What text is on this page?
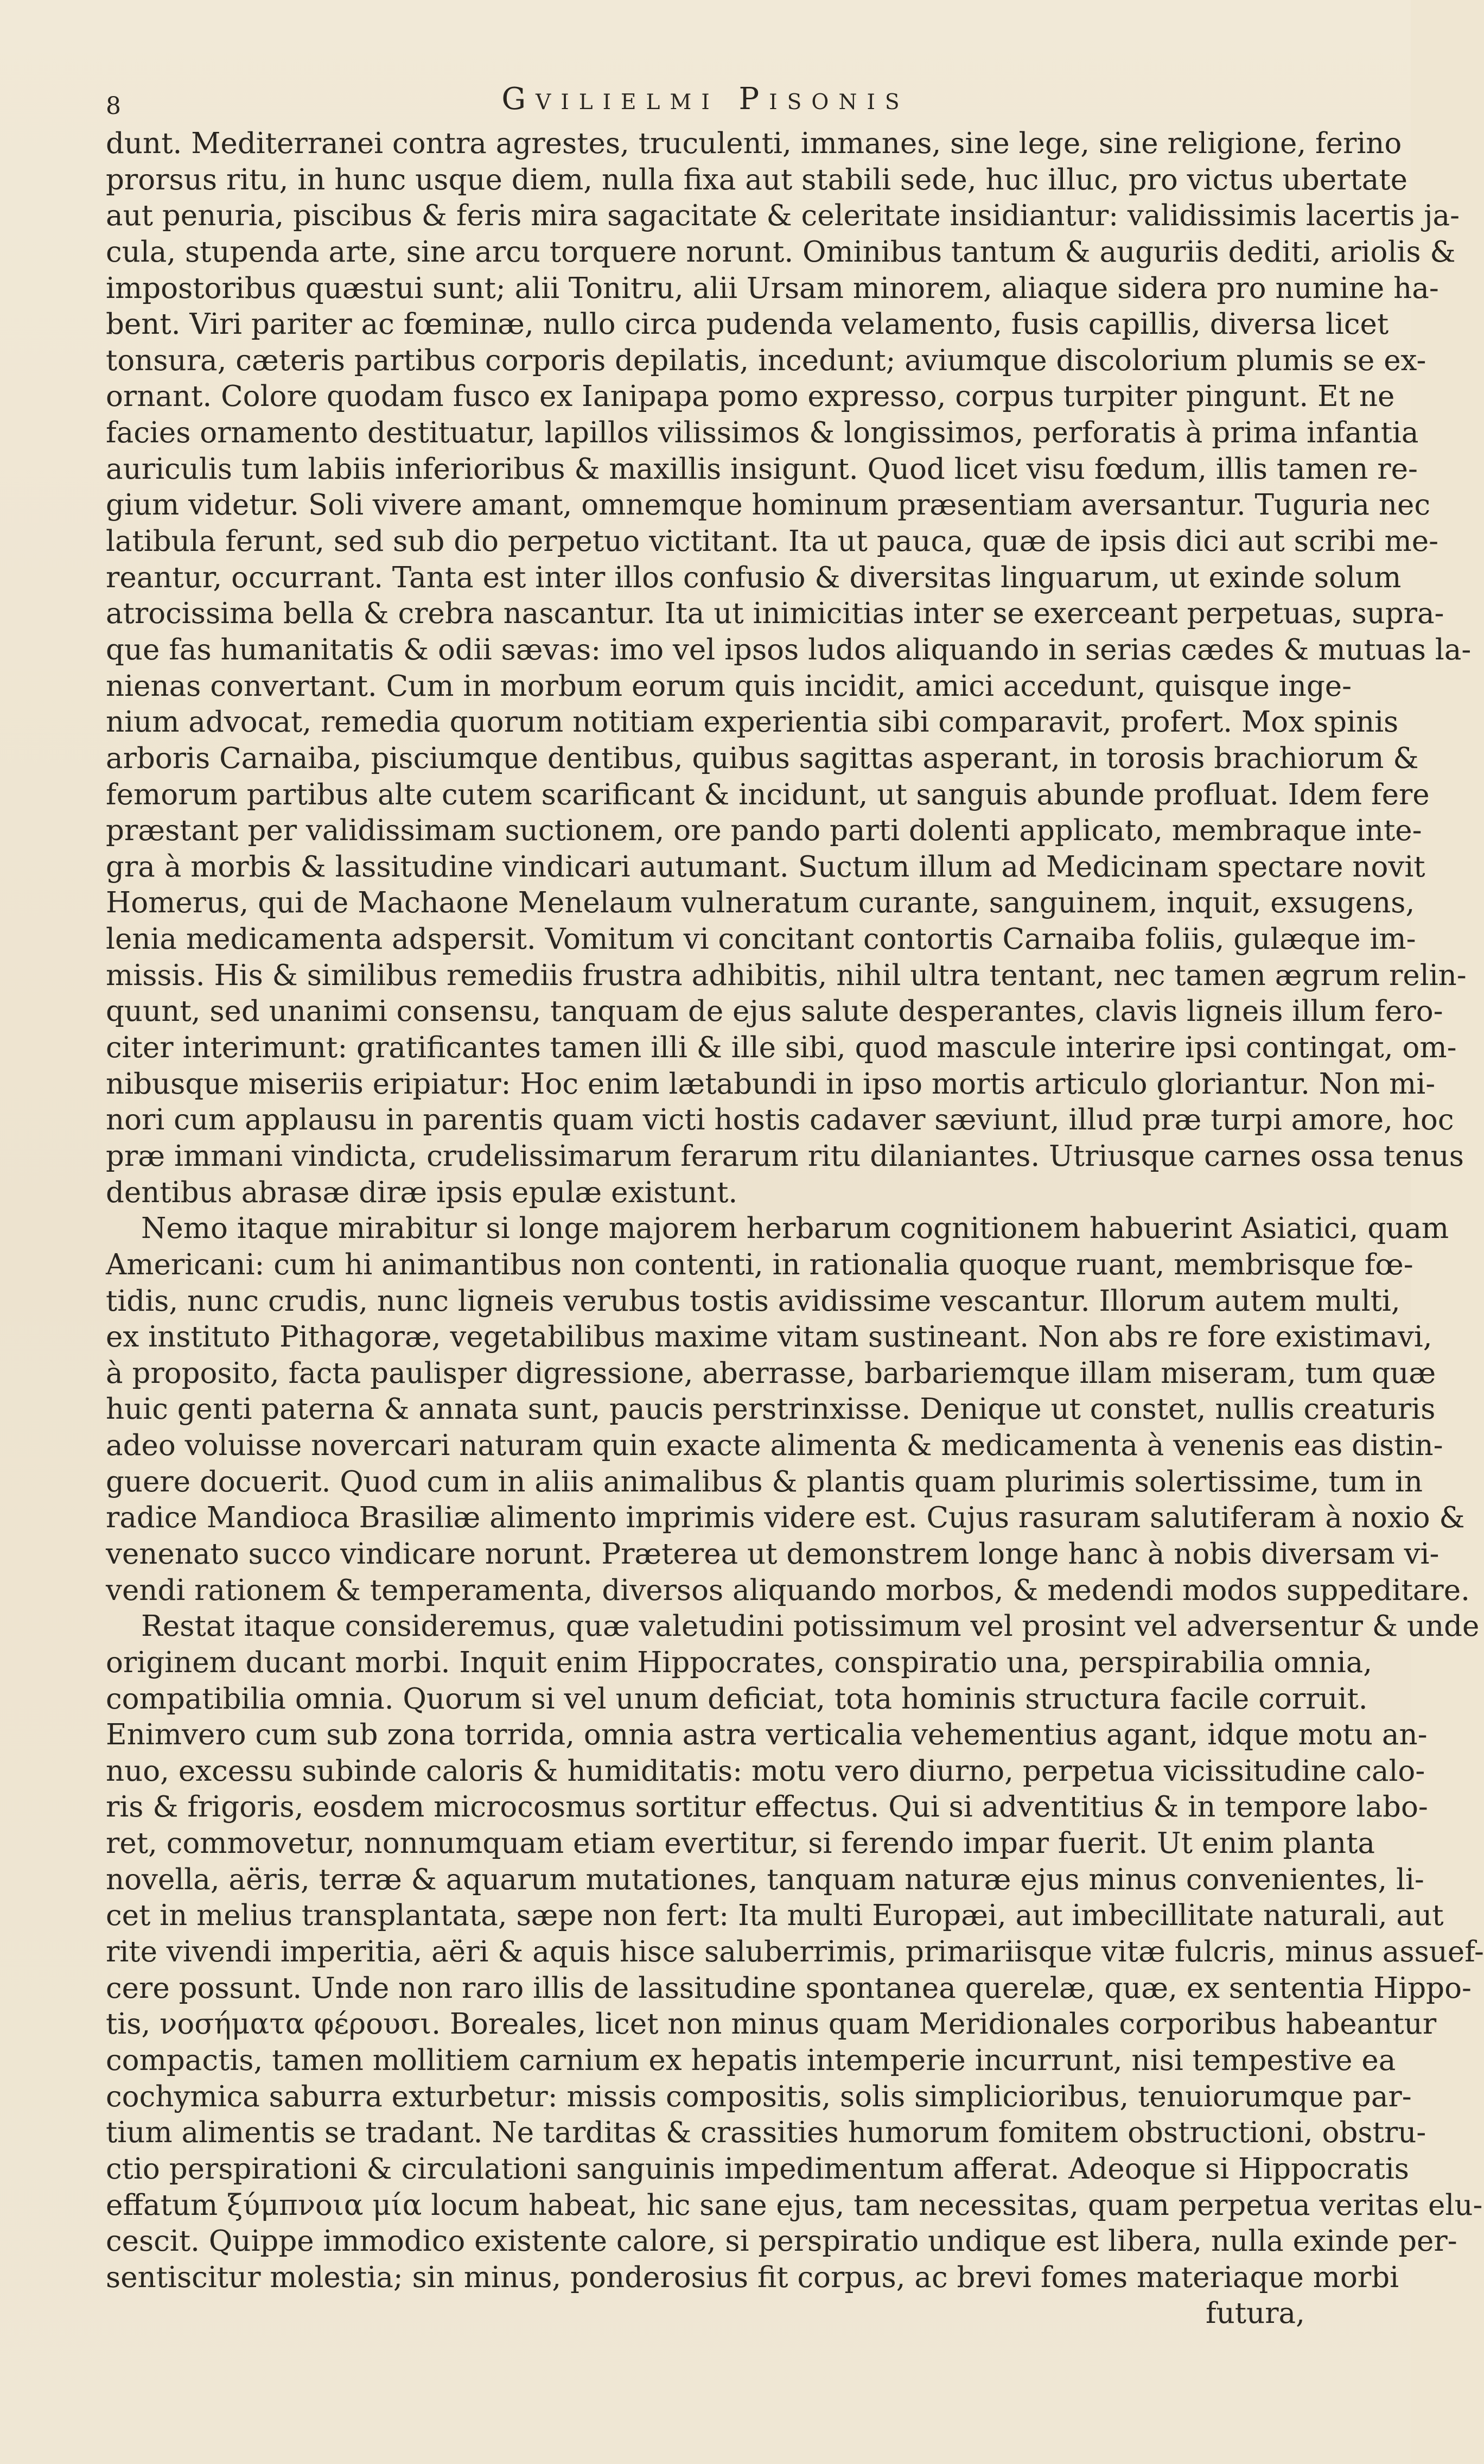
8	Gvilielmi Pisonis
dunt. Mediterranei contra agrestes, truculenti, immanes, sine lege, sine religione, ferino
prorsus ritu, in hunc usque diem, nulla fixa aut stabili sede, huc illuc, pro victus ubertate
aut penuria, piscibus & feris mira sagacitate & celeritate insidiantur: validissimis lacertis ja-
cula, stupenda arte, sine arcu torquere norunt. Ominibus tantum & auguriis dediti, ariolis &
impostoribus quæstui sunt; alii Tonitru, alii Ursam minorem, aliaque sidera pro numine ha-
bent. Viri pariter ac fœminæ, nullo circa pudenda velamento, fusis capillis, diversa licet
tonsura, cæteris partibus corporis depilatis, incedunt; aviumque discolorium plumis se ex-
ornant. Colore quodam fusco ex Ianipapa pomo expresso, corpus turpiter pingunt. Et ne
facies ornamento destituatur, lapillos vilissimos & longissimos, perforatis à prima infantia
auriculis tum labiis inferioribus & maxillis insigunt. Quod licet visu fœdum, illis tamen re-
gium videtur. Soli vivere amant, omnemque hominum præsentiam aversantur. Tuguria nec
latibula ferunt, sed sub dio perpetuo victitant. Ita ut pauca, quæ de ipsis dici aut scribi me-
reantur, occurrant. Tanta est inter illos confusio & diversitas linguarum, ut exinde solum
atrocissima bella & crebra nascantur. Ita ut inimicitias inter se exerceant perpetuas, supra-
que fas humanitatis & odii sævas: imo vel ipsos ludos aliquando in serias cædes & mutuas la-
nienas convertant. Cum in morbum eorum quis incidit, amici accedunt, quisque inge-
nium advocat, remedia quorum notitiam experientia sibi comparavit, profert. Mox spinis
arboris Carnaiba, pisciumque dentibus, quibus sagittas asperant, in torosis brachiorum &
femorum partibus alte cutem scarificant & incidunt, ut sanguis abunde profluat. Idem fere
præstant per validissimam suctionem, ore pando parti dolenti applicato, membraque inte-
gra à morbis & lassitudine vindicari autumant. Suctum illum ad Medicinam spectare novit
Homerus, qui de Machaone Menelaum vulneratum curante, sanguinem, inquit, exsugens,
lenia medicamenta adspersit. Vomitum vi concitant contortis Carnaiba foliis, gulæque im-
missis. His & similibus remediis frustra adhibitis, nihil ultra tentant, nec tamen ægrum relin-
quunt, sed unanimi consensu, tanquam de ejus salute desperantes, clavis ligneis illum fero-
citer interimunt: gratificantes tamen illi & ille sibi, quod mascule interire ipsi contingat, om-
nibusque miseriis eripiatur: Hoc enim lætabundi in ipso mortis articulo gloriantur. Non mi-
nori cum applausu in parentis quam victi hostis cadaver sæviunt, illud præ turpi amore, hoc
præ immani vindicta, crudelissimarum ferarum ritu dilaniantes. Utriusque carnes ossa tenus
dentibus abrasæ diræ ipsis epulæ existunt.
Nemo itaque mirabitur si longe majorem herbarum cognitionem habuerint Asiatici, quam
Americani: cum hi animantibus non contenti, in rationalia quoque ruant, membrisque fœ-
tidis, nunc crudis, nunc ligneis verubus tostis avidissime vescantur. Illorum autem multi,
ex instituto Pithagoræ, vegetabilibus maxime vitam sustineant. Non abs re fore existimavi,
à proposito, facta paulisper digressione, aberrasse, barbariemque illam miseram, tum quæ
huic genti paterna & annata sunt, paucis perstrinxisse. Denique ut constet, nullis creaturis
adeo voluisse novercari naturam quin exacte alimenta & medicamenta à venenis eas distin-
guere docuerit. Quod cum in aliis animalibus & plantis quam plurimis solertissime, tum in
radice Mandioca Brasiliæ alimento imprimis videre est. Cujus rasuram salutiferam à noxio &
venenato succo vindicare norunt. Præterea ut demonstrem longe hanc à nobis diversam vi-
vendi rationem & temperamenta, diversos aliquando morbos, & medendi modos suppeditare.
Restat itaque consideremus, quæ valetudini potissimum vel prosint vel adversentur & unde
originem ducant morbi. Inquit enim Hippocrates, conspiratio una, perspirabilia omnia,
compatibilia omnia. Quorum si vel unum deficiat, tota hominis structura facile corruit.
Enimvero cum sub zona torrida, omnia astra verticalia vehementius agant, idque motu an-
nuo, excessu subinde caloris & humiditatis: motu vero diurno, perpetua vicissitudine calo-
ris & frigoris, eosdem microcosmus sortitur effectus. Qui si adventitius & in tempore labo-
ret, commovetur, nonnumquam etiam evertitur, si ferendo impar fuerit. Ut enim planta
novella, aëris, terræ & aquarum mutationes, tanquam naturæ ejus minus convenientes, li-
cet in melius transplantata, sæpe non fert: Ita multi Europæi, aut imbecillitate naturali, aut
rite vivendi imperitia, aëri & aquis hisce saluberrimis, primariisque vitæ fulcris, minus assuef-
cere possunt. Unde non raro illis de lassitudine spontanea querelæ, quæ, ex sententia Hippo-
tis, νοσήματα φέρουσι. Boreales, licet non minus quam Meridionales corporibus habeantur
compactis, tamen mollitiem carnium ex hepatis intemperie incurrunt, nisi tempestive ea
cochymica saburra exturbetur: missis compositis, solis simplicioribus, tenuiorumque par-
tium alimentis se tradant. Ne tarditas & crassities humorum fomitem obstructioni, obstru-
ctio perspirationi & circulationi sanguinis impedimentum afferat. Adeoque si Hippocratis
effatum ξύμπνοια μία locum habeat, hic sane ejus, tam necessitas, quam perpetua veritas elu-
cescit. Quippe immodico existente calore, si perspiratio undique est libera, nulla exinde per-
sentiscitur molestia; sin minus, ponderosius fit corpus, ac brevi fomes materiaque morbi
futura,
